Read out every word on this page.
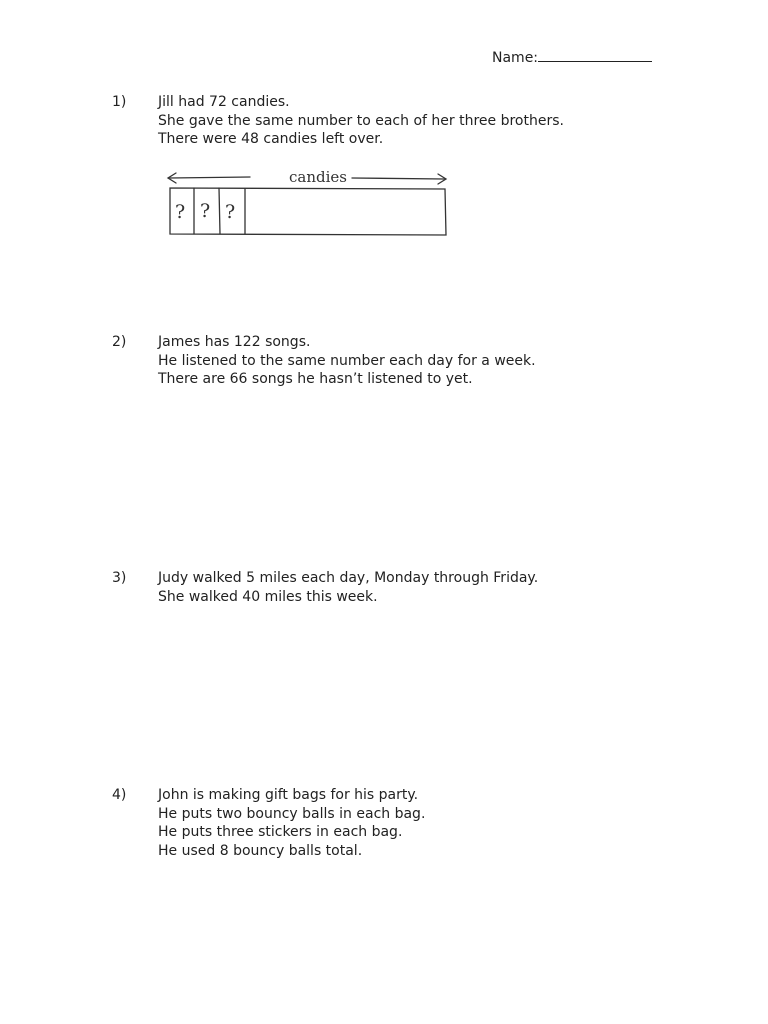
Name:
1) Jill had 72 candies.
She gave the same number to each of her three brothers.
There were 48 candies left over.
candies
? ? ?
2) James has 122 songs.
He listened to the same number each day for a week.
There are 66 songs he hasn’t listened to yet.
3) Judy walked 5 miles each day, Monday through Friday.
She walked 40 miles this week.
4) John is making gift bags for his party.
He puts two bouncy balls in each bag.
He puts three stickers in each bag.
He used 8 bouncy balls total.
